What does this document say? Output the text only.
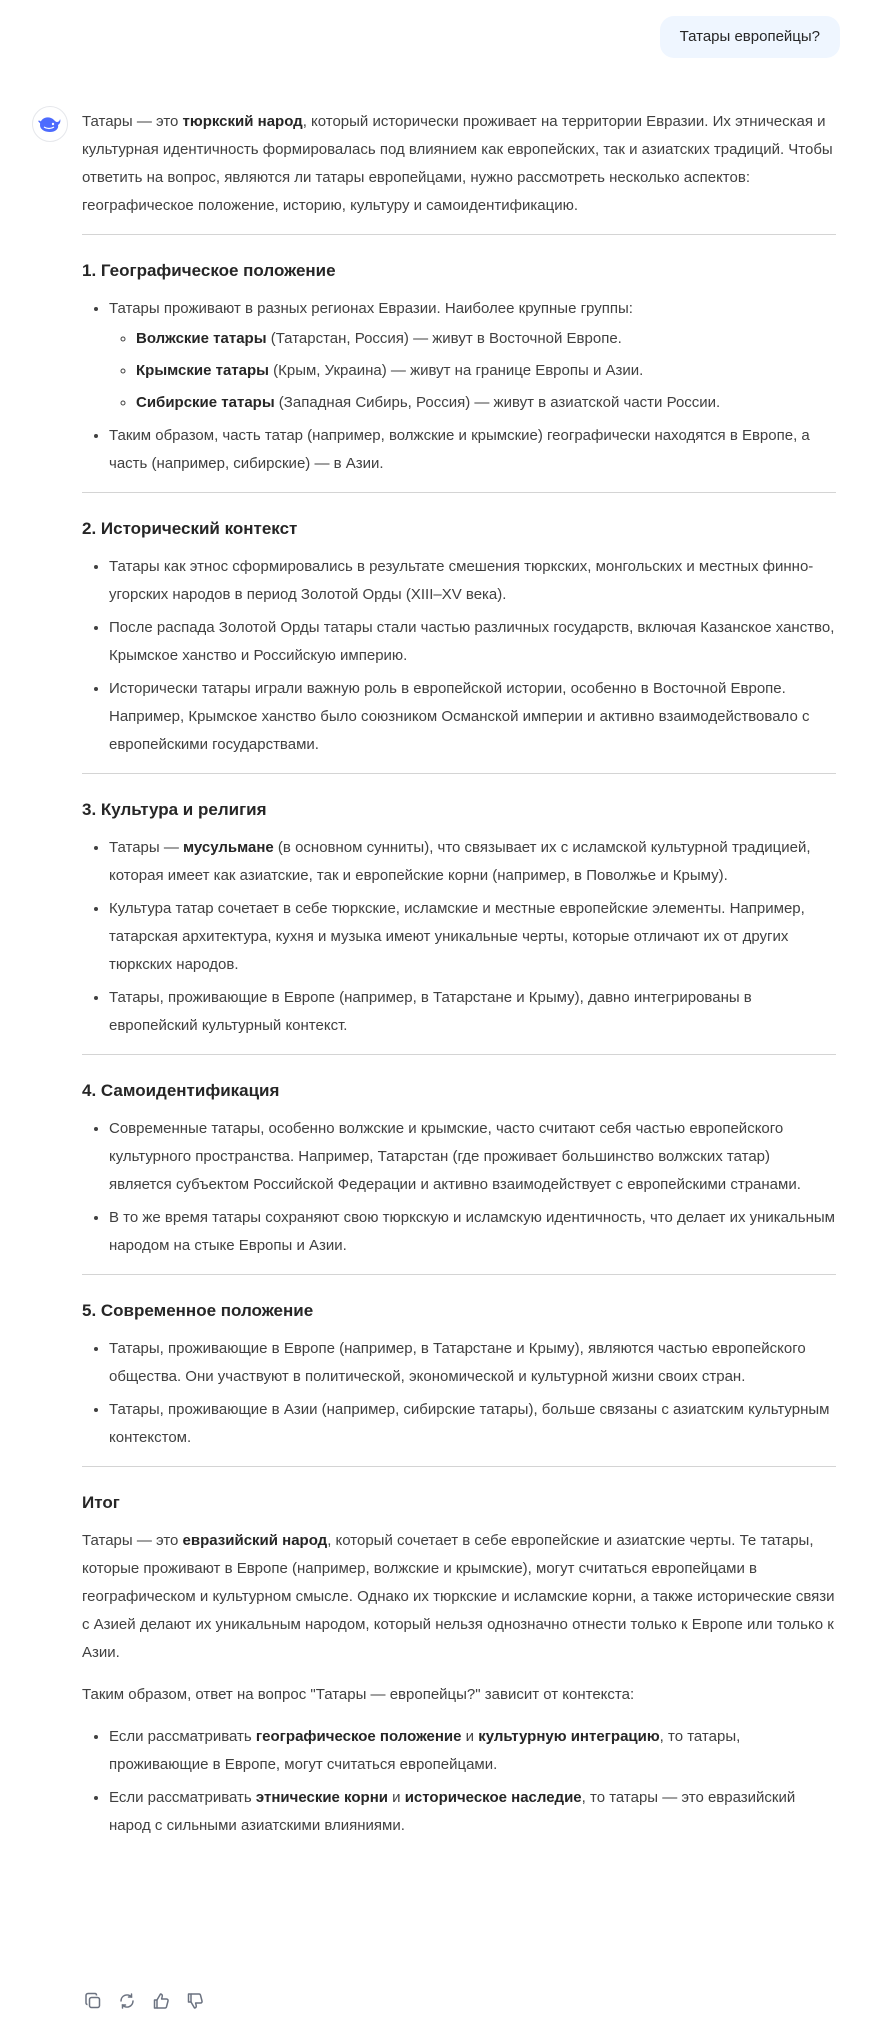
Татары европейцы?

Татары — это тюркский народ, который исторически проживает на территории Евразии. Их этническая и культурная идентичность формировалась под влиянием как европейских, так и азиатских традиций. Чтобы ответить на вопрос, являются ли татары европейцами, нужно рассмотреть несколько аспектов: географическое положение, историю, культуру и самоидентификацию.

1. Географическое положение
• Татары проживают в разных регионах Евразии. Наиболее крупные группы:
◦ Волжские татары (Татарстан, Россия) — живут в Восточной Европе.
◦ Крымские татары (Крым, Украина) — живут на границе Европы и Азии.
◦ Сибирские татары (Западная Сибирь, Россия) — живут в азиатской части России.
• Таким образом, часть татар (например, волжские и крымские) географически находятся в Европе, а часть (например, сибирские) — в Азии.
2. Исторический контекст
• Татары как этнос сформировались в результате смешения тюркских, монгольских и местных финно-угорских народов в период Золотой Орды (XIII–XV века).
• После распада Золотой Орды татары стали частью различных государств, включая Казанское ханство, Крымское ханство и Российскую империю.
• Исторически татары играли важную роль в европейской истории, особенно в Восточной Европе. Например, Крымское ханство было союзником Османской империи и активно взаимодействовало с европейскими государствами.
3. Культура и религия
• Татары — мусульмане (в основном сунниты), что связывает их с исламской культурной традицией, которая имеет как азиатские, так и европейские корни (например, в Поволжье и Крыму).
• Культура татар сочетает в себе тюркские, исламские и местные европейские элементы. Например, татарская архитектура, кухня и музыка имеют уникальные черты, которые отличают их от других тюркских народов.
• Татары, проживающие в Европе (например, в Татарстане и Крыму), давно интегрированы в европейский культурный контекст.
4. Самоидентификация
• Современные татары, особенно волжские и крымские, часто считают себя частью европейского культурного пространства. Например, Татарстан (где проживает большинство волжских татар) является субъектом Российской Федерации и активно взаимодействует с европейскими странами.
• В то же время татары сохраняют свою тюркскую и исламскую идентичность, что делает их уникальным народом на стыке Европы и Азии.
5. Современное положение
• Татары, проживающие в Европе (например, в Татарстане и Крыму), являются частью европейского общества. Они участвуют в политической, экономической и культурной жизни своих стран.
• Татары, проживающие в Азии (например, сибирские татары), больше связаны с азиатским культурным контекстом.
Итог

Татары — это евразийский народ, который сочетает в себе европейские и азиатские черты. Те татары, которые проживают в Европе (например, волжские и крымские), могут считаться европейцами в географическом и культурном смысле. Однако их тюркские и исламские корни, а также исторические связи с Азией делают их уникальным народом, который нельзя однозначно отнести только к Европе или только к Азии.

Таким образом, ответ на вопрос "Татары — европейцы?" зависит от контекста:

• Если рассматривать географическое положение и культурную интеграцию, то татары, проживающие в Европе, могут считаться европейцами.
• Если рассматривать этнические корни и историческое наследие, то татары — это евразийский народ с сильными азиатскими влияниями.
